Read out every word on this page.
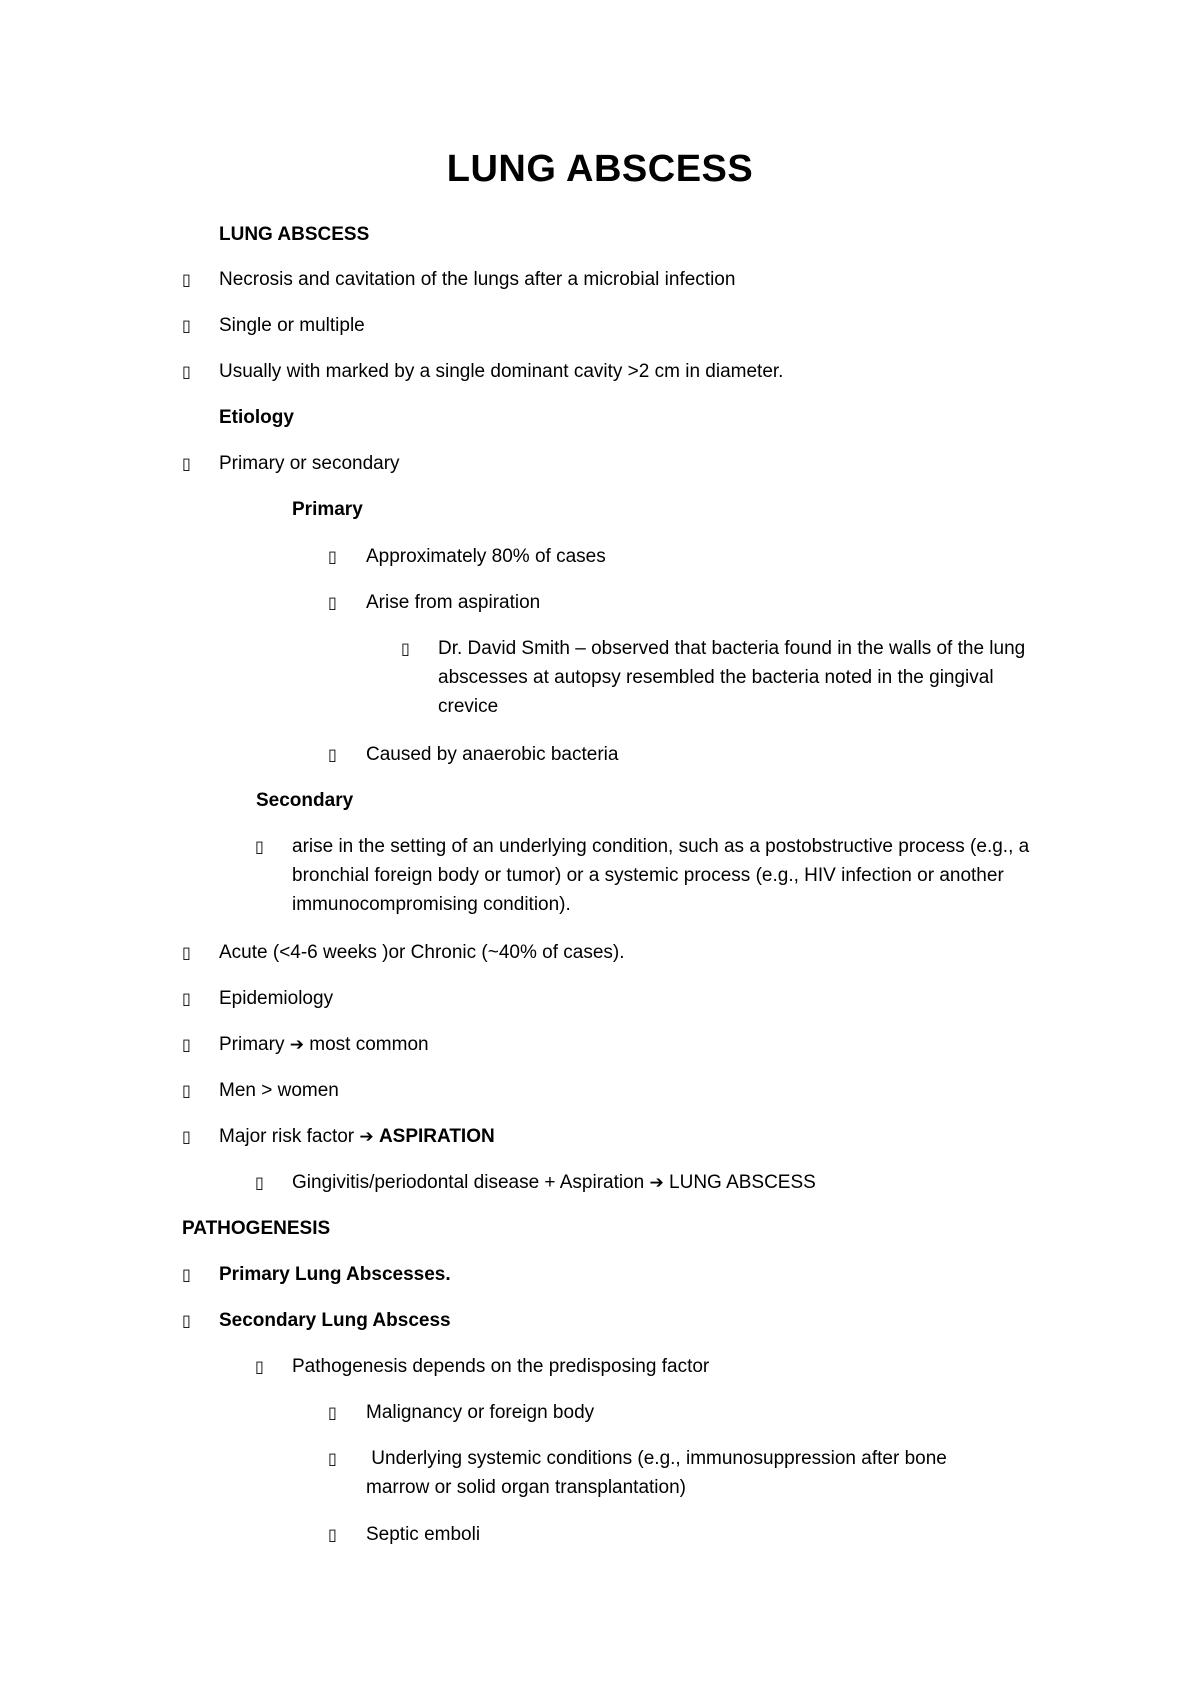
LUNG ABSCESS
LUNG ABSCESS
▯ Necrosis and cavitation of the lungs after a microbial infection
▯ Single or multiple
▯ Usually with marked by a single dominant cavity >2 cm in diameter.
Etiology
▯ Primary or secondary
Primary
▯ Approximately 80% of cases
▯ Arise from aspiration
▯ Dr. David Smith – observed that bacteria found in the walls of the lung abscesses at autopsy resembled the bacteria noted in the gingival crevice
▯ Caused by anaerobic bacteria
Secondary
▯ arise in the setting of an underlying condition, such as a postobstructive process (e.g., a bronchial foreign body or tumor) or a systemic process (e.g., HIV infection or another immunocompromising condition).
▯ Acute (<4-6 weeks )or Chronic (~40% of cases).
▯ Epidemiology
▯ Primary ➔ most common
▯ Men > women
▯ Major risk factor ➔ ASPIRATION
▯ Gingivitis/periodontal disease + Aspiration ➔ LUNG ABSCESS
PATHOGENESIS
▯ Primary Lung Abscesses.
▯ Secondary Lung Abscess
▯ Pathogenesis depends on the predisposing factor
▯ Malignancy or foreign body
▯ Underlying systemic conditions (e.g., immunosuppression after bone marrow or solid organ transplantation)
▯ Septic emboli
